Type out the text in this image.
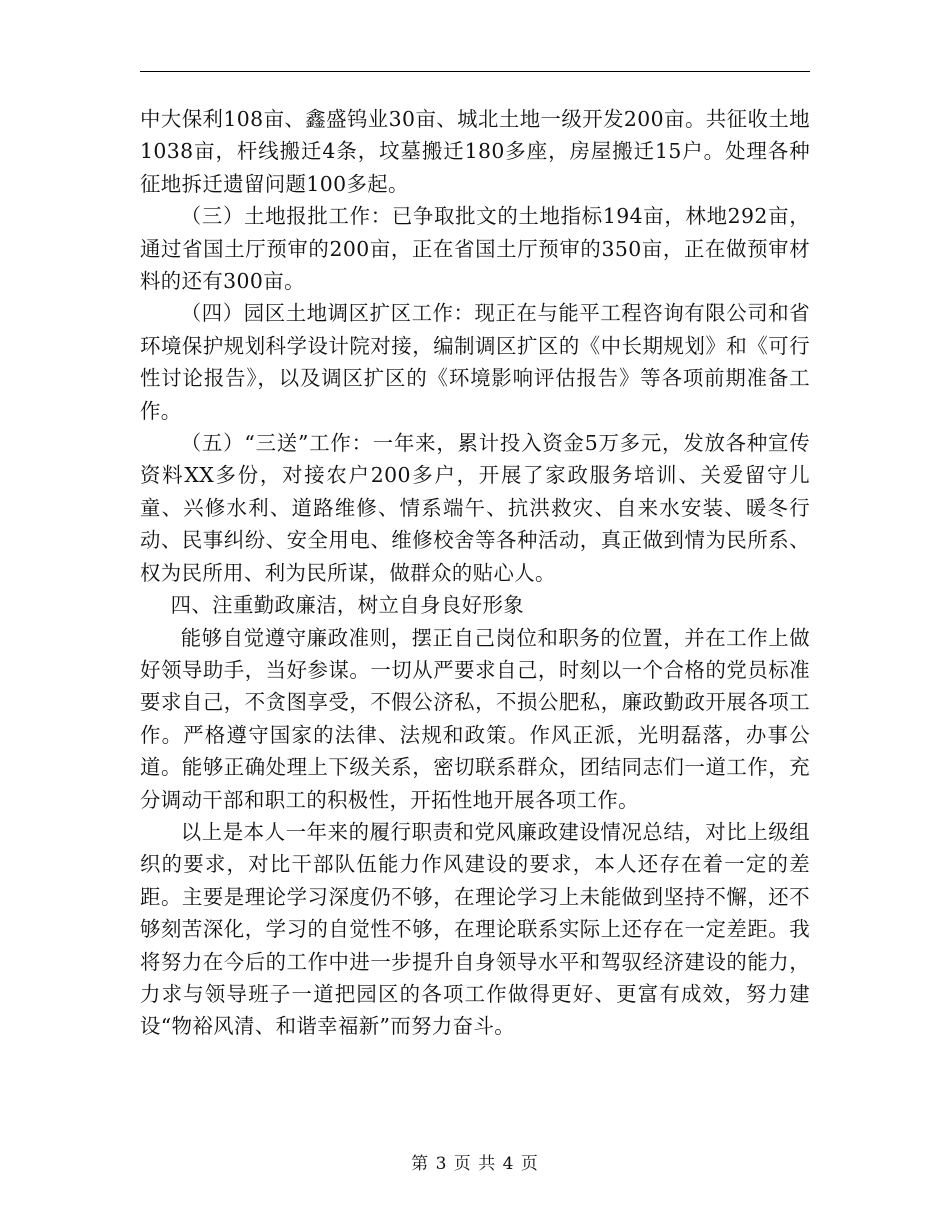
中大保利108亩、鑫盛钨业30亩、城北土地一级开发200亩。共征收土地1038亩，杆线搬迁4条，坟墓搬迁180多座，房屋搬迁15户。处理各种征地拆迁遗留问题100多起。

（三）土地报批工作：已争取批文的土地指标194亩，林地292亩，通过省国土厅预审的200亩，正在省国土厅预审的350亩，正在做预审材料的还有300亩。

（四）园区土地调区扩区工作：现正在与能平工程咨询有限公司和省环境保护规划科学设计院对接，编制调区扩区的《中长期规划》和《可行性讨论报告》，以及调区扩区的《环境影响评估报告》等各项前期准备工作。

（五）“三送”工作：一年来，累计投入资金5万多元，发放各种宣传资料XX多份，对接农户200多户，开展了家政服务培训、关爱留守儿童、兴修水利、道路维修、情系端午、抗洪救灾、自来水安装、暖冬行动、民事纠纷、安全用电、维修校舍等各种活动，真正做到情为民所系、权为民所用、利为民所谋，做群众的贴心人。

四、注重勤政廉洁，树立自身良好形象

能够自觉遵守廉政准则，摆正自己岗位和职务的位置，并在工作上做好领导助手，当好参谋。一切从严要求自己，时刻以一个合格的党员标准要求自己，不贪图享受，不假公济私，不损公肥私，廉政勤政开展各项工作。严格遵守国家的法律、法规和政策。作风正派，光明磊落，办事公道。能够正确处理上下级关系，密切联系群众，团结同志们一道工作，充分调动干部和职工的积极性，开拓性地开展各项工作。

以上是本人一年来的履行职责和党风廉政建设情况总结，对比上级组织的要求，对比干部队伍能力作风建设的要求，本人还存在着一定的差距。主要是理论学习深度仍不够，在理论学习上未能做到坚持不懈，还不够刻苦深化，学习的自觉性不够，在理论联系实际上还存在一定差距。我将努力在今后的工作中进一步提升自身领导水平和驾驭经济建设的能力，力求与领导班子一道把园区的各项工作做得更好、更富有成效，努力建设“物裕风清、和谐幸福新”而努力奋斗。

第 3 页 共 4 页
